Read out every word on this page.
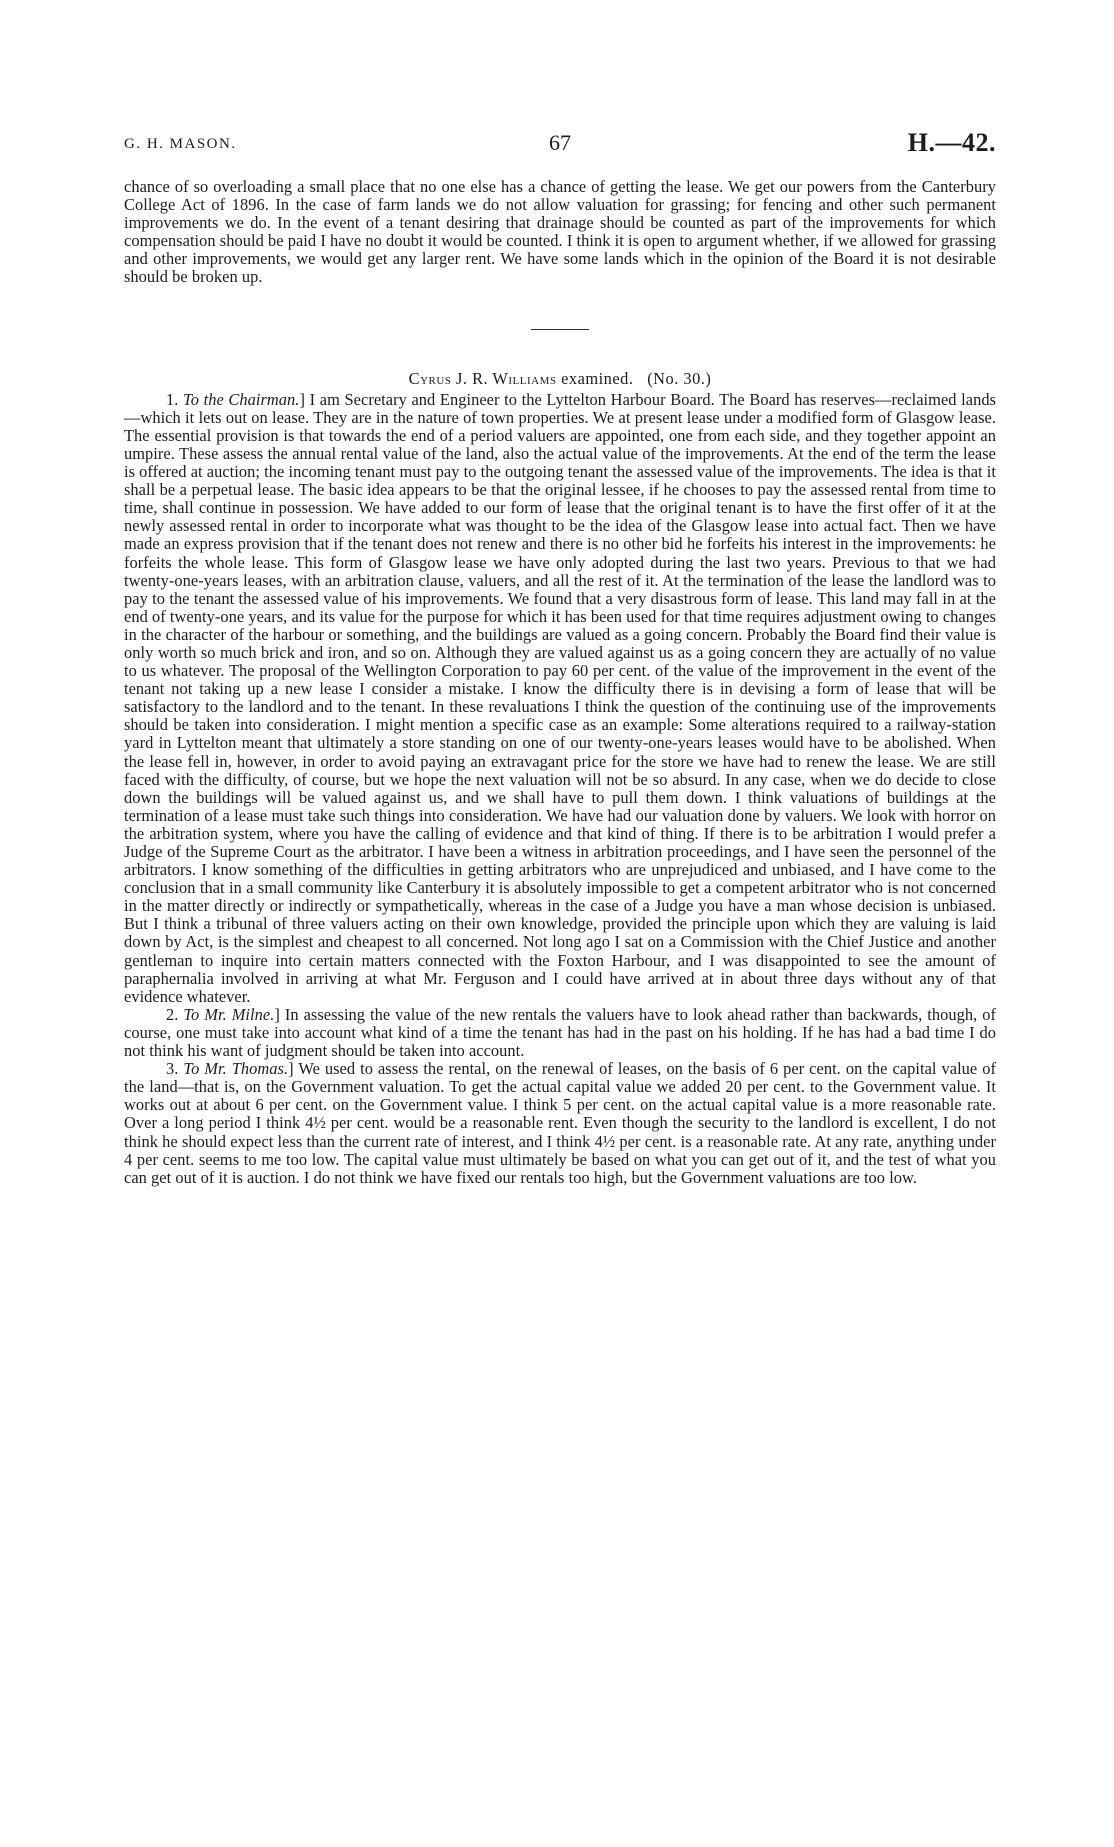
G. H. MASON.	67	H.—42.

chance of so overloading a small place that no one else has a chance of getting the lease. We get our powers from the Canterbury College Act of 1896. In the case of farm lands we do not allow valuation for grassing; for fencing and other such permanent improvements we do. In the event of a tenant desiring that drainage should be counted as part of the improvements for which compensation should be paid I have no doubt it would be counted. I think it is open to argument whether, if we allowed for grassing and other improvements, we would get any larger rent. We have some lands which in the opinion of the Board it is not desirable should be broken up.

Cyrus J. R. Williams examined. (No. 30.)

1. To the Chairman.] I am Secretary and Engineer to the Lyttelton Harbour Board. The Board has reserves—reclaimed lands—which it lets out on lease. They are in the nature of town properties. We at present lease under a modified form of Glasgow lease. The essential provision is that towards the end of a period valuers are appointed, one from each side, and they together appoint an umpire. These assess the annual rental value of the land, also the actual value of the improvements. At the end of the term the lease is offered at auction; the incoming tenant must pay to the outgoing tenant the assessed value of the improvements. The idea is that it shall be a perpetual lease. The basic idea appears to be that the original lessee, if he chooses to pay the assessed rental from time to time, shall continue in possession. We have added to our form of lease that the original tenant is to have the first offer of it at the newly assessed rental in order to incorporate what was thought to be the idea of the Glasgow lease into actual fact. Then we have made an express provision that if the tenant does not renew and there is no other bid he forfeits his interest in the improvements: he forfeits the whole lease. This form of Glasgow lease we have only adopted during the last two years. Previous to that we had twenty-one-years leases, with an arbitration clause, valuers, and all the rest of it. At the termination of the lease the landlord was to pay to the tenant the assessed value of his improvements. We found that a very disastrous form of lease. This land may fall in at the end of twenty-one years, and its value for the purpose for which it has been used for that time requires adjustment owing to changes in the character of the harbour or something, and the buildings are valued as a going concern. Probably the Board find their value is only worth so much brick and iron, and so on. Although they are valued against us as a going concern they are actually of no value to us whatever. The proposal of the Wellington Corporation to pay 60 per cent. of the value of the improvement in the event of the tenant not taking up a new lease I consider a mistake. I know the difficulty there is in devising a form of lease that will be satisfactory to the landlord and to the tenant. In these revaluations I think the question of the continuing use of the improvements should be taken into consideration. I might mention a specific case as an example: Some alterations required to a railway-station yard in Lyttelton meant that ultimately a store standing on one of our twenty-one-years leases would have to be abolished. When the lease fell in, however, in order to avoid paying an extravagant price for the store we have had to renew the lease. We are still faced with the difficulty, of course, but we hope the next valuation will not be so absurd. In any case, when we do decide to close down the buildings will be valued against us, and we shall have to pull them down. I think valuations of buildings at the termination of a lease must take such things into consideration. We have had our valuation done by valuers. We look with horror on the arbitration system, where you have the calling of evidence and that kind of thing. If there is to be arbitration I would prefer a Judge of the Supreme Court as the arbitrator. I have been a witness in arbitration proceedings, and I have seen the personnel of the arbitrators. I know something of the difficulties in getting arbitrators who are unprejudiced and unbiased, and I have come to the conclusion that in a small community like Canterbury it is absolutely impossible to get a competent arbitrator who is not concerned in the matter directly or indirectly or sympathetically, whereas in the case of a Judge you have a man whose decision is unbiased. But I think a tribunal of three valuers acting on their own knowledge, provided the principle upon which they are valuing is laid down by Act, is the simplest and cheapest to all concerned. Not long ago I sat on a Commission with the Chief Justice and another gentleman to inquire into certain matters connected with the Foxton Harbour, and I was disappointed to see the amount of paraphernalia involved in arriving at what Mr. Ferguson and I could have arrived at in about three days without any of that evidence whatever.

2. To Mr. Milne.] In assessing the value of the new rentals the valuers have to look ahead rather than backwards, though, of course, one must take into account what kind of a time the tenant has had in the past on his holding. If he has had a bad time I do not think his want of judgment should be taken into account.

3. To Mr. Thomas.] We used to assess the rental, on the renewal of leases, on the basis of 6 per cent. on the capital value of the land—that is, on the Government valuation. To get the actual capital value we added 20 per cent. to the Government value. It works out at about 6 per cent. on the Government value. I think 5 per cent. on the actual capital value is a more reasonable rate. Over a long period I think 4½ per cent. would be a reasonable rent. Even though the security to the landlord is excellent, I do not think he should expect less than the current rate of interest, and I think 4½ per cent. is a reasonable rate. At any rate, anything under 4 per cent. seems to me too low. The capital value must ultimately be based on what you can get out of it, and the test of what you can get out of it is auction. I do not think we have fixed our rentals too high, but the Government valuations are too low.
